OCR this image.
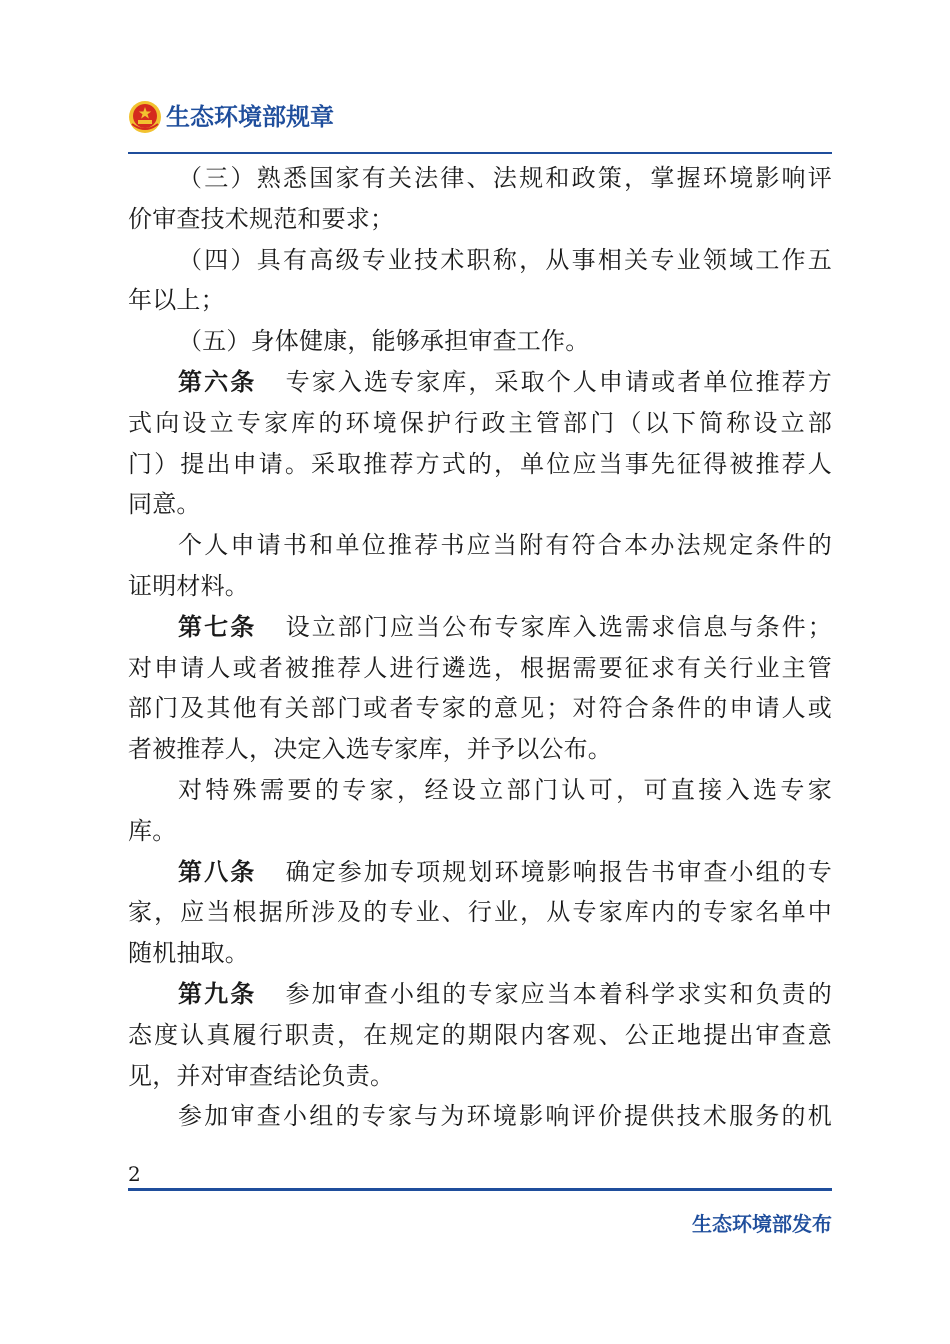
生态环境部规章
（三）熟悉国家有关法律、法规和政策，掌握环境影响评
价审查技术规范和要求；
（四）具有高级专业技术职称，从事相关专业领域工作五
年以上；
（五）身体健康，能够承担审查工作。
第六条 专家入选专家库，采取个人申请或者单位推荐方
式向设立专家库的环境保护行政主管部门（以下简称设立部
门）提出申请。采取推荐方式的，单位应当事先征得被推荐人
同意。
个人申请书和单位推荐书应当附有符合本办法规定条件的
证明材料。
第七条 设立部门应当公布专家库入选需求信息与条件；
对申请人或者被推荐人进行遴选，根据需要征求有关行业主管
部门及其他有关部门或者专家的意见；对符合条件的申请人或
者被推荐人，决定入选专家库，并予以公布。
对特殊需要的专家，经设立部门认可，可直接入选专家
库。
第八条 确定参加专项规划环境影响报告书审查小组的专
家，应当根据所涉及的专业、行业，从专家库内的专家名单中
随机抽取。
第九条 参加审查小组的专家应当本着科学求实和负责的
态度认真履行职责，在规定的期限内客观、公正地提出审查意
见，并对审查结论负责。
参加审查小组的专家与为环境影响评价提供技术服务的机
2
生态环境部发布
